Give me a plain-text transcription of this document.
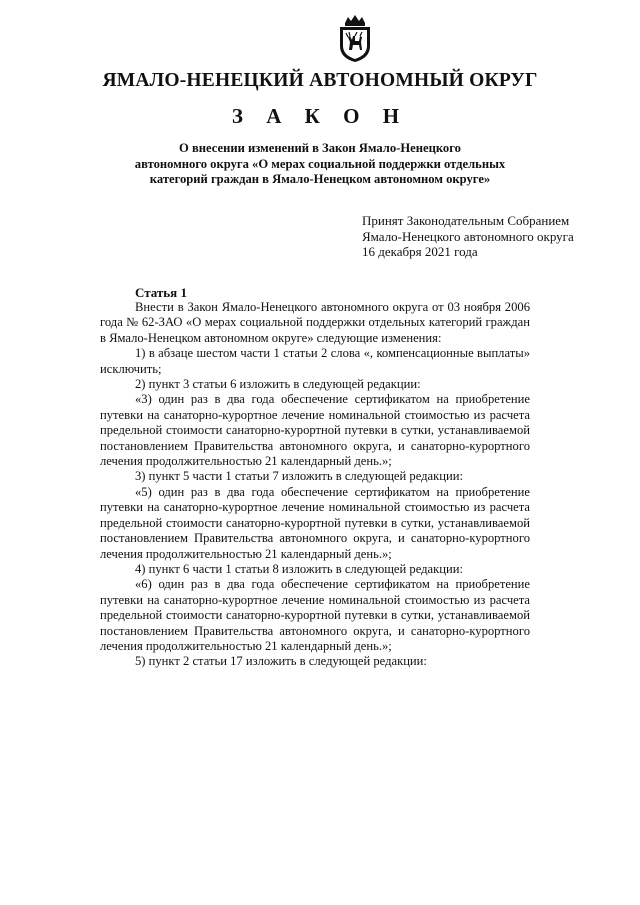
ЯМАЛО-НЕНЕЦКИЙ АВТОНОМНЫЙ ОКРУГ
З А К О Н
О внесении изменений в Закон Ямало-Ненецкого
автономного округа «О мерах социальной поддержки отдельных
категорий граждан в Ямало-Ненецком автономном округе»
Принят Законодательным Собранием
Ямало-Ненецкого автономного округа
16 декабря 2021 года
Статья 1

Внести в Закон Ямало-Ненецкого автономного округа от 03 ноября 2006 года № 62-ЗАО «О мерах социальной поддержки отдельных категорий граждан в Ямало-Ненецком автономном округе» следующие изменения:

1) в абзаце шестом части 1 статьи 2 слова «, компенсационные выплаты» исключить;

2) пункт 3 статьи 6 изложить в следующей редакции:

«3) один раз в два года обеспечение сертификатом на приобретение путевки на санаторно-курортное лечение номинальной стоимостью из расчета предельной стоимости санаторно-курортной путевки в сутки, устанавливаемой постановлением Правительства автономного округа, и санаторно-курортного лечения продолжительностью 21 календарный день.»;

3) пункт 5 части 1 статьи 7 изложить в следующей редакции:

«5) один раз в два года обеспечение сертификатом на приобретение путевки на санаторно-курортное лечение номинальной стоимостью из расчета предельной стоимости санаторно-курортной путевки в сутки, устанавливаемой постановлением Правительства автономного округа, и санаторно-курортного лечения продолжительностью 21 календарный день.»;

4) пункт 6 части 1 статьи 8 изложить в следующей редакции:

«6) один раз в два года обеспечение сертификатом на приобретение путевки на санаторно-курортное лечение номинальной стоимостью из расчета предельной стоимости санаторно-курортной путевки в сутки, устанавливаемой постановлением Правительства автономного округа, и санаторно-курортного лечения продолжительностью 21 календарный день.»;

5) пункт 2 статьи 17 изложить в следующей редакции:
